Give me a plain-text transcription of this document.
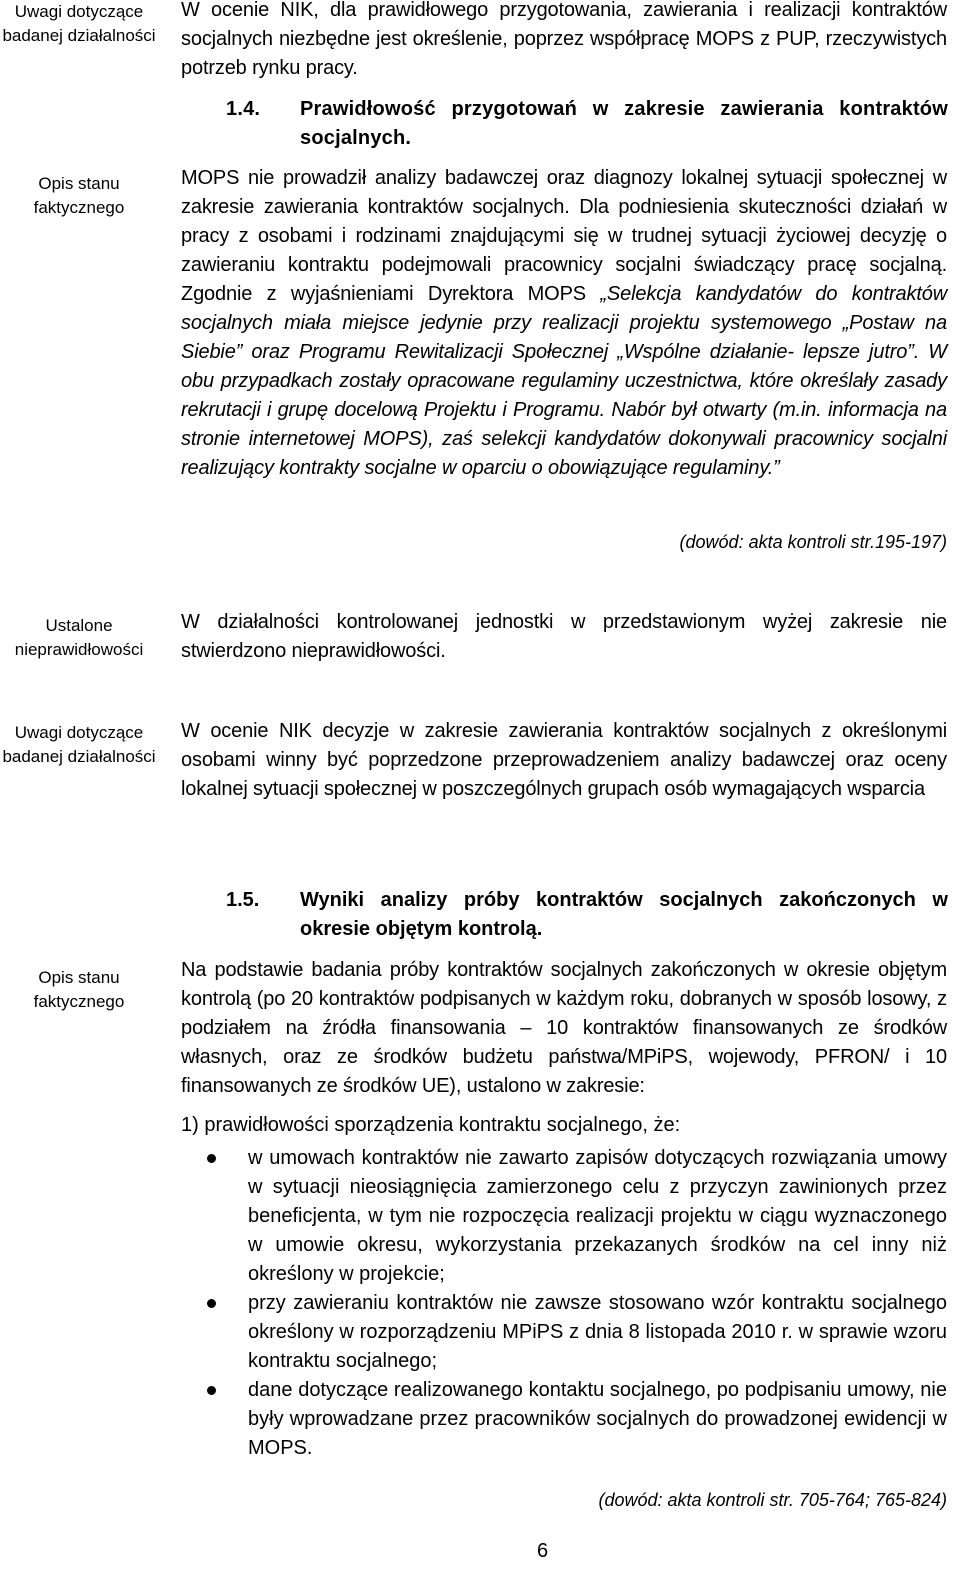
Uwagi dotyczące badanej działalności
Opis stanu faktycznego
Ustalone nieprawidłowości
Uwagi dotyczące badanej działalności
Opis stanu faktycznego
W ocenie NIK, dla prawidłowego przygotowania, zawierania i realizacji kontraktów socjalnych niezbędne jest określenie, poprzez współpracę MOPS z PUP, rzeczywistych potrzeb rynku pracy.
1.4.	Prawidłowość przygotowań w zakresie zawierania kontraktów socjalnych.
MOPS nie prowadził analizy badawczej oraz diagnozy lokalnej sytuacji społecznej w zakresie zawierania kontraktów socjalnych. Dla podniesienia skuteczności działań w pracy z osobami i rodzinami znajdującymi się w trudnej sytuacji życiowej decyzję o zawieraniu kontraktu podejmowali pracownicy socjalni świadczący pracę socjalną. Zgodnie z wyjaśnieniami Dyrektora MOPS „Selekcja kandydatów do kontraktów socjalnych miała miejsce jedynie przy realizacji projektu systemowego „Postaw na Siebie” oraz Programu Rewitalizacji Społecznej „Wspólne działanie- lepsze jutro”. W obu przypadkach zostały opracowane regulaminy uczestnictwa, które określały zasady rekrutacji i grupę docelową Projektu i Programu. Nabór był otwarty (m.in. informacja na stronie internetowej MOPS), zaś selekcji kandydatów dokonywali pracownicy socjalni realizujący kontrakty socjalne w oparciu o obowiązujące regulaminy.”
(dowód: akta kontroli str.195-197)
W działalności kontrolowanej jednostki w przedstawionym wyżej zakresie nie stwierdzono nieprawidłowości.
W ocenie NIK decyzje w zakresie zawierania kontraktów socjalnych z określonymi osobami winny być poprzedzone przeprowadzeniem analizy badawczej oraz oceny lokalnej sytuacji społecznej w poszczególnych grupach osób wymagających wsparcia
1.5.	Wyniki analizy próby kontraktów socjalnych zakończonych w okresie objętym kontrolą.
Na podstawie badania próby kontraktów socjalnych zakończonych w okresie objętym kontrolą (po 20 kontraktów podpisanych w każdym roku, dobranych w sposób losowy, z podziałem na źródła finansowania – 10 kontraktów finansowanych ze środków własnych, oraz ze środków budżetu państwa/MPiPS, wojewody, PFRON/ i 10 finansowanych ze środków UE), ustalono w zakresie:

1) prawidłowości sporządzenia kontraktu socjalnego, że:

w umowach kontraktów nie zawarto zapisów dotyczących rozwiązania umowy w sytuacji nieosiągnięcia zamierzonego celu z przyczyn zawinionych przez beneficjenta, w tym nie rozpoczęcia realizacji projektu w ciągu wyznaczonego w umowie okresu, wykorzystania przekazanych środków na cel inny niż określony w projekcie;
przy zawieraniu kontraktów nie zawsze stosowano wzór kontraktu socjalnego określony w rozporządzeniu MPiPS z dnia 8 listopada 2010 r. w sprawie wzoru kontraktu socjalnego;
dane dotyczące realizowanego kontaktu socjalnego, po podpisaniu umowy, nie były wprowadzane przez pracowników socjalnych do prowadzonej ewidencji w MOPS.
(dowód: akta kontroli str. 705-764; 765-824)
6
